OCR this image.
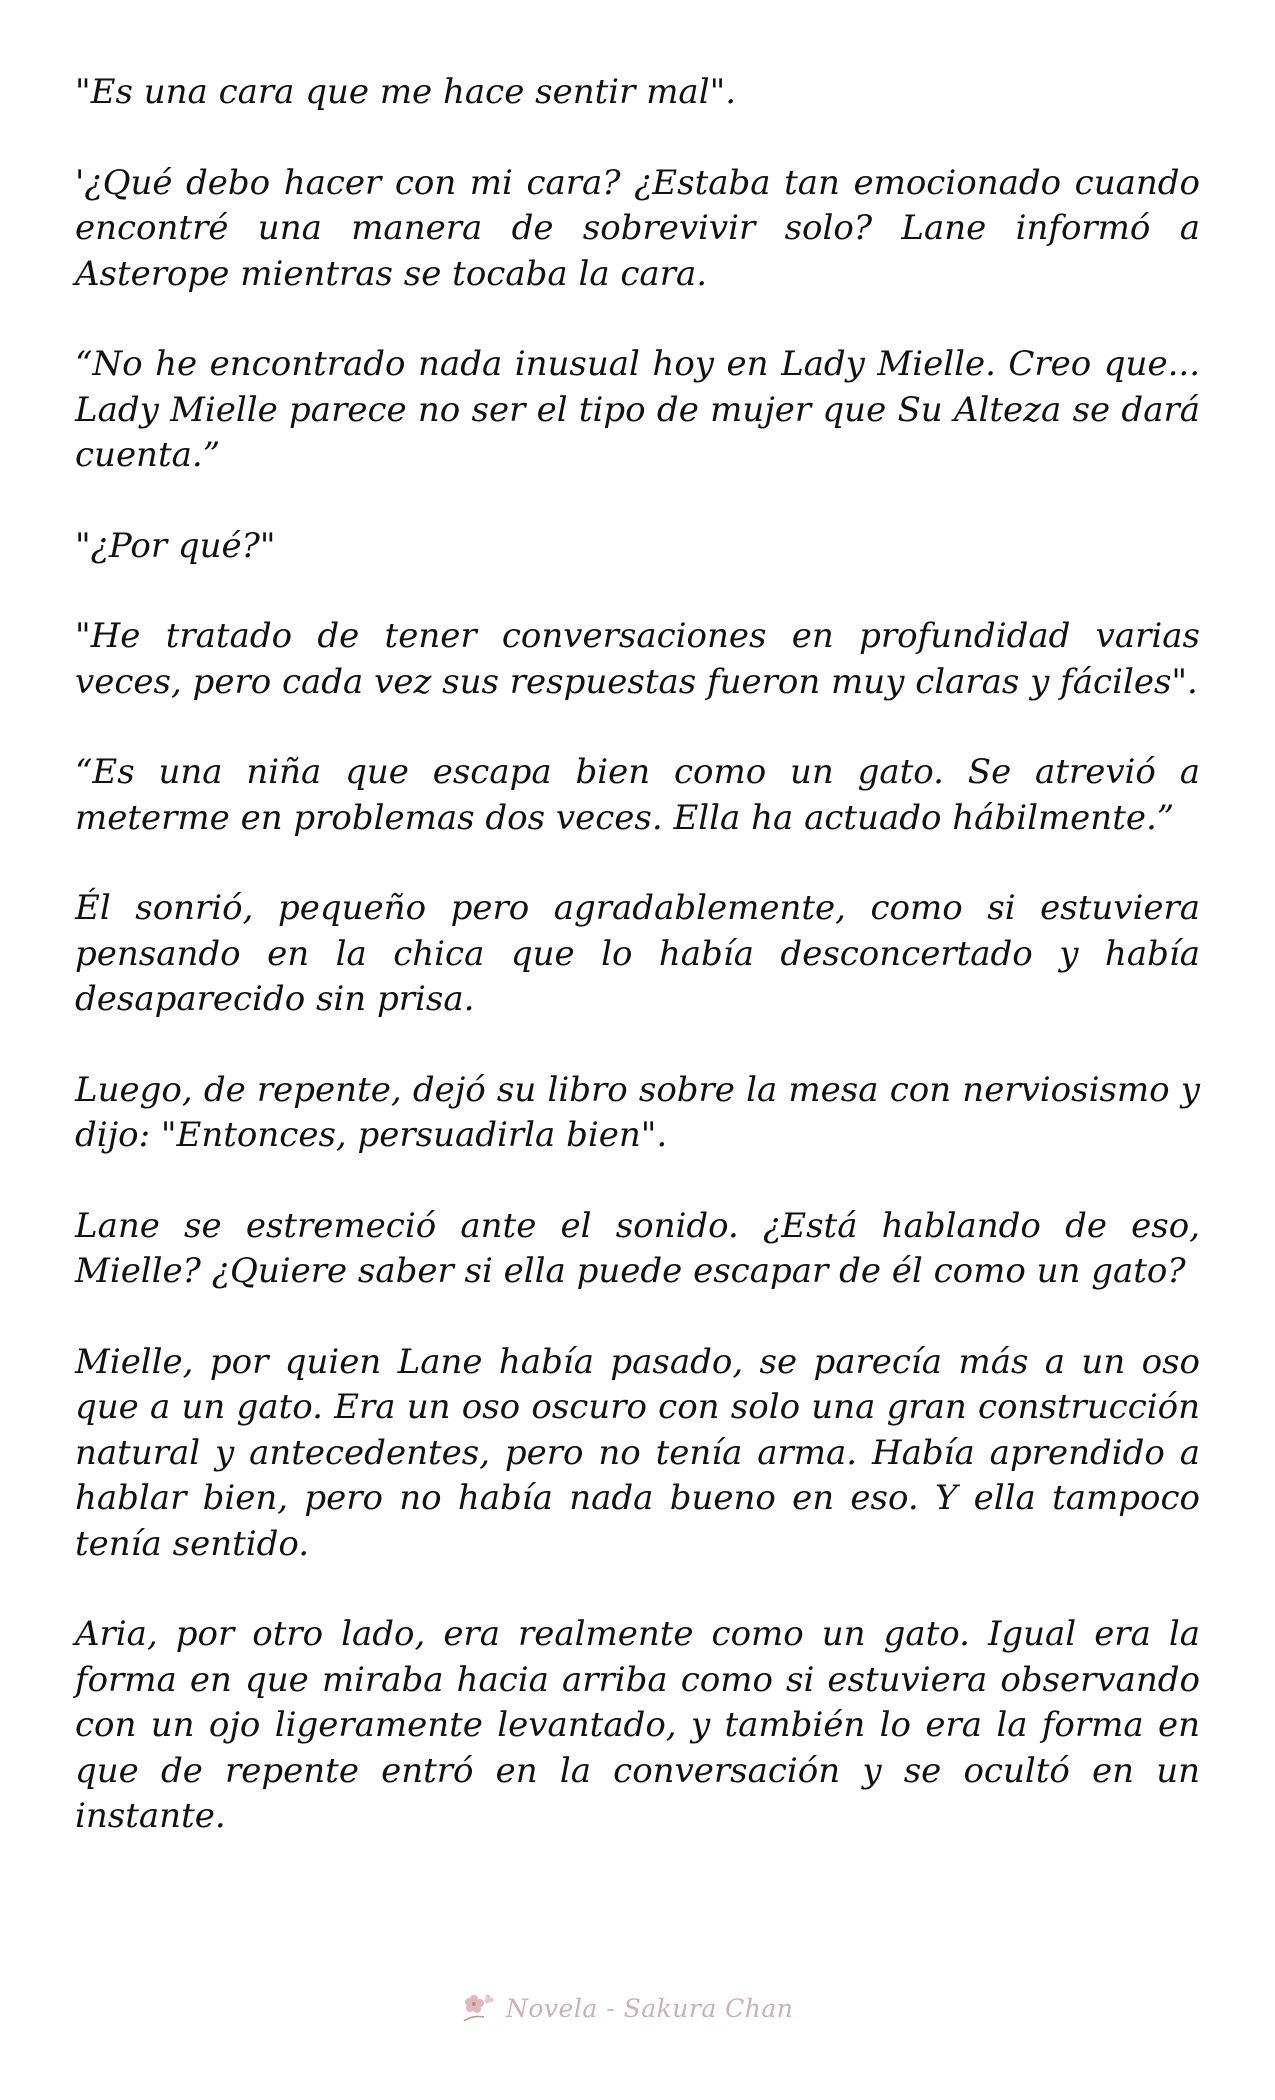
"Es una cara que me hace sentir mal".

'¿Qué debo hacer con mi cara? ¿Estaba tan emocionado cuando encontré una manera de sobrevivir solo? Lane informó a Asterope mientras se tocaba la cara.

“No he encontrado nada inusual hoy en Lady Mielle. Creo que... Lady Mielle parece no ser el tipo de mujer que Su Alteza se dará cuenta.”

"¿Por qué?"

"He tratado de tener conversaciones en profundidad varias veces, pero cada vez sus respuestas fueron muy claras y fáciles".

“Es una niña que escapa bien como un gato. Se atrevió a meterme en problemas dos veces. Ella ha actuado hábilmente.”

Él sonrió, pequeño pero agradablemente, como si estuviera pensando en la chica que lo había desconcertado y había desaparecido sin prisa.

Luego, de repente, dejó su libro sobre la mesa con nerviosismo y dijo: "Entonces, persuadirla bien".

Lane se estremeció ante el sonido. ¿Está hablando de eso, Mielle? ¿Quiere saber si ella puede escapar de él como un gato?

Mielle, por quien Lane había pasado, se parecía más a un oso que a un gato. Era un oso oscuro con solo una gran construcción natural y antecedentes, pero no tenía arma. Había aprendido a hablar bien, pero no había nada bueno en eso. Y ella tampoco tenía sentido.

Aria, por otro lado, era realmente como un gato. Igual era la forma en que miraba hacia arriba como si estuviera observando con un ojo ligeramente levantado, y también lo era la forma en que de repente entró en la conversación y se ocultó en un instante.

Novela - Sakura Chan
